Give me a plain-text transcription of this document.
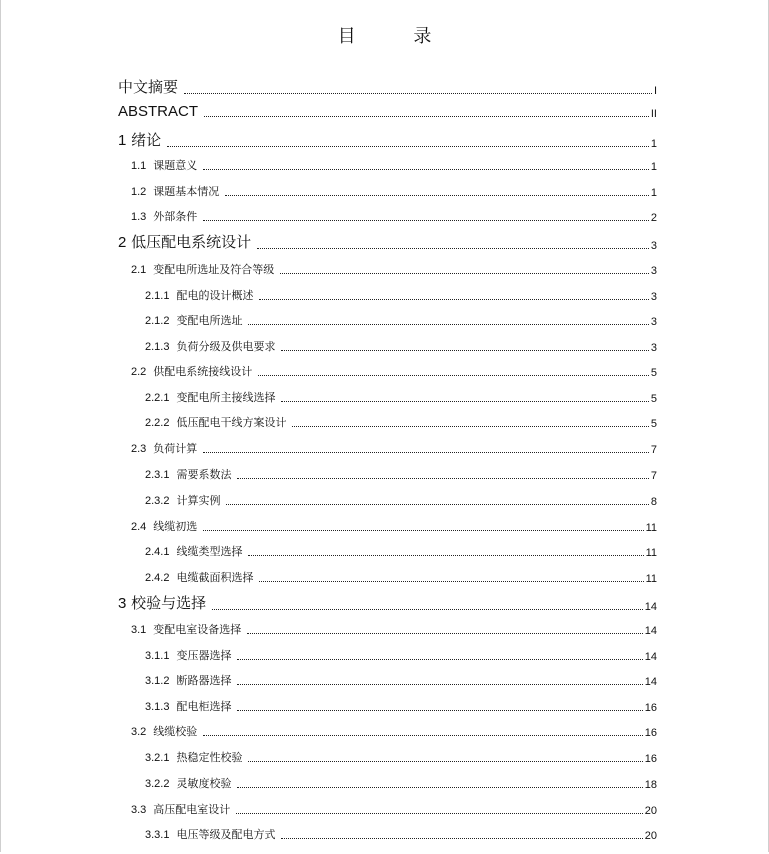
目 录
中文摘要	I
ABSTRACT	II
1 绪论	1
1.1 课题意义	1
1.2 课题基本情况	1
1.3 外部条件	2
2 低压配电系统设计	3
2.1 变配电所选址及符合等级	3
2.1.1 配电的设计概述	3
2.1.2 变配电所选址	3
2.1.3 负荷分级及供电要求	3
2.2 供配电系统接线设计	5
2.2.1 变配电所主接线选择	5
2.2.2 低压配电干线方案设计	5
2.3 负荷计算	7
2.3.1 需要系数法	7
2.3.2 计算实例	8
2.4 线缆初选	11
2.4.1 线缆类型选择	11
2.4.2 电缆截面积选择	11
3 校验与选择	14
3.1 变配电室设备选择	14
3.1.1 变压器选择	14
3.1.2 断路器选择	14
3.1.3 配电柜选择	16
3.2 线缆校验	16
3.2.1 热稳定性校验	16
3.2.2 灵敏度校验	18
3.3 高压配电室设计	20
3.3.1 电压等级及配电方式	20
